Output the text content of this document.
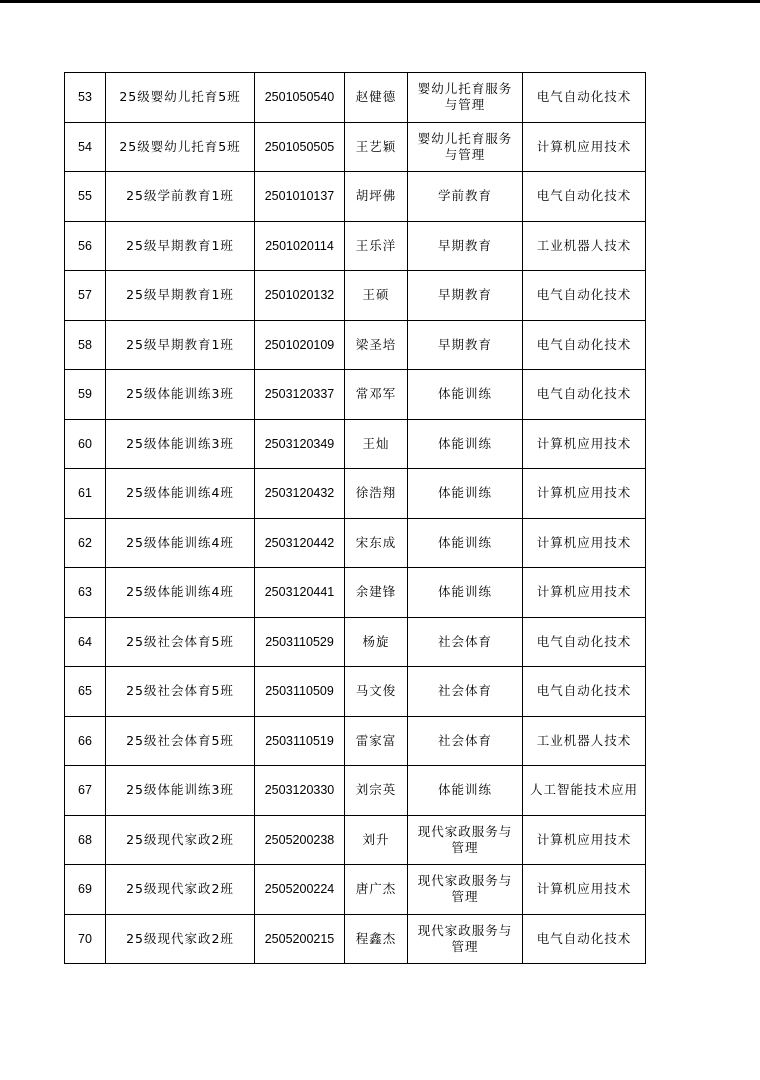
53	25级婴幼儿托育5班	2501050540	赵健德	婴幼儿托育服务与管理	电气自动化技术
54	25级婴幼儿托育5班	2501050505	王艺颖	婴幼儿托育服务与管理	计算机应用技术
55	25级学前教育1班	2501010137	胡坪佛	学前教育	电气自动化技术
56	25级早期教育1班	2501020114	王乐洋	早期教育	工业机器人技术
57	25级早期教育1班	2501020132	王硕	早期教育	电气自动化技术
58	25级早期教育1班	2501020109	梁圣培	早期教育	电气自动化技术
59	25级体能训练3班	2503120337	常邓军	体能训练	电气自动化技术
60	25级体能训练3班	2503120349	王灿	体能训练	计算机应用技术
61	25级体能训练4班	2503120432	徐浩翔	体能训练	计算机应用技术
62	25级体能训练4班	2503120442	宋东成	体能训练	计算机应用技术
63	25级体能训练4班	2503120441	余建锋	体能训练	计算机应用技术
64	25级社会体育5班	2503110529	杨旋	社会体育	电气自动化技术
65	25级社会体育5班	2503110509	马文俊	社会体育	电气自动化技术
66	25级社会体育5班	2503110519	雷家富	社会体育	工业机器人技术
67	25级体能训练3班	2503120330	刘宗英	体能训练	人工智能技术应用
68	25级现代家政2班	2505200238	刘升	现代家政服务与管理	计算机应用技术
69	25级现代家政2班	2505200224	唐广杰	现代家政服务与管理	计算机应用技术
70	25级现代家政2班	2505200215	程鑫杰	现代家政服务与管理	电气自动化技术
